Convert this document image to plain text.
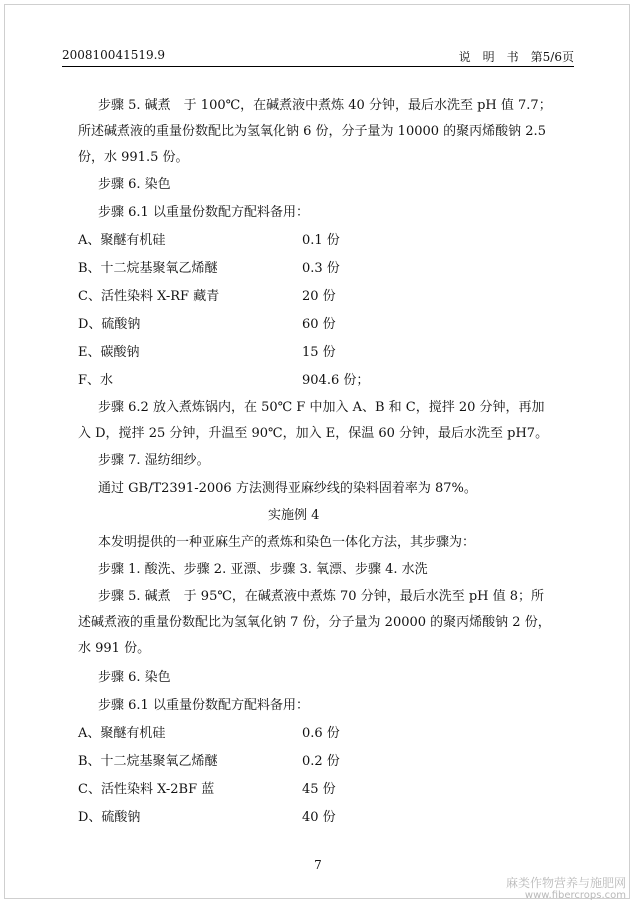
200810041519.9	说　明　书　第5/6页
步骤 5. 碱煮　于 100℃，在碱煮液中煮炼 40 分钟，最后水洗至 pH 值 7.7；
所述碱煮液的重量份数配比为氢氧化钠 6 份，分子量为 10000 的聚丙烯酸钠 2.5
份，水 991.5 份。
步骤 6. 染色
步骤 6.1 以重量份数配方配料备用：
A、聚醚有机硅	0.1 份
B、十二烷基聚氧乙烯醚	0.3 份
C、活性染料 X-RF 藏青	20 份
D、硫酸钠	60 份
E、碳酸钠	15 份
F、水	904.6 份；
步骤 6.2 放入煮炼锅内，在 50℃ F 中加入 A、B 和 C，搅拌 20 分钟，再加
入 D，搅拌 25 分钟，升温至 90℃，加入 E，保温 60 分钟，最后水洗至 pH7。
步骤 7. 湿纺细纱。
通过 GB/T2391-2006 方法测得亚麻纱线的染料固着率为 87%。
实施例 4
本发明提供的一种亚麻生产的煮炼和染色一体化方法，其步骤为：
步骤 1. 酸洗、步骤 2. 亚漂、步骤 3. 氧漂、步骤 4. 水洗
步骤 5. 碱煮　于 95℃，在碱煮液中煮炼 70 分钟，最后水洗至 pH 值 8；所
述碱煮液的重量份数配比为氢氧化钠 7 份，分子量为 20000 的聚丙烯酸钠 2 份，
水 991 份。
步骤 6. 染色
步骤 6.1 以重量份数配方配料备用：
A、聚醚有机硅	0.6 份
B、十二烷基聚氧乙烯醚	0.2 份
C、活性染料 X-2BF 蓝	45 份
D、硫酸钠	40 份
7
麻类作物营养与施肥网
www.fibercrops.com
